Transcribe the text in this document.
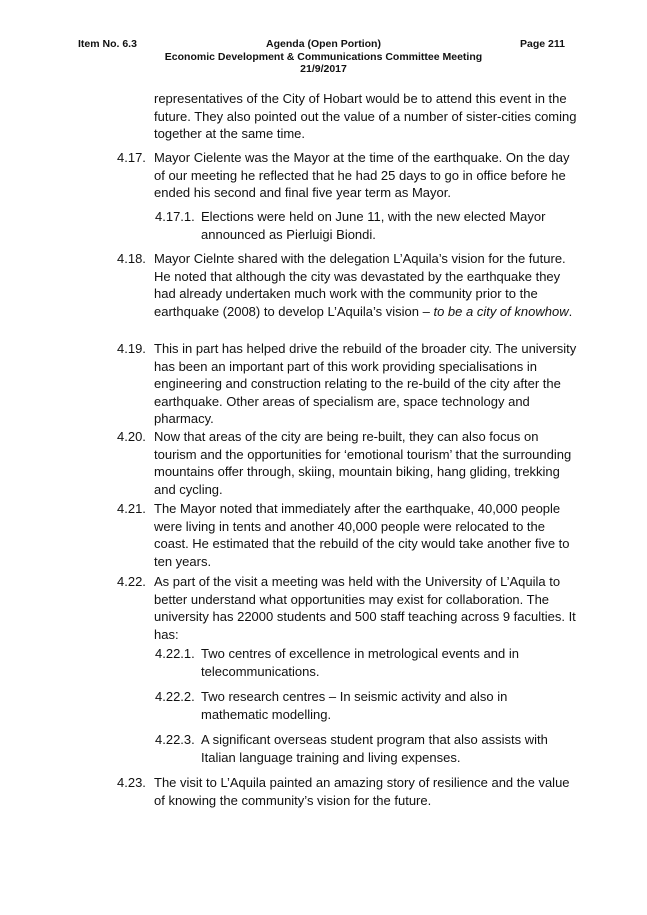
Item No. 6.3	Agenda (Open Portion)
Economic Development & Communications Committee Meeting
21/9/2017
Page 211
representatives of the City of Hobart would be to attend this event in the future. They also pointed out the value of a number of sister-cities coming together at the same time.
4.17. Mayor Cielente was the Mayor at the time of the earthquake. On the day of our meeting he reflected that he had 25 days to go in office before he ended his second and final five year term as Mayor.
4.17.1. Elections were held on June 11, with the new elected Mayor announced as Pierluigi Biondi.
4.18. Mayor Cielnte shared with the delegation L’Aquila’s vision for the future. He noted that although the city was devastated by the earthquake they had already undertaken much work with the community prior to the earthquake (2008) to develop L’Aquila’s vision – to be a city of knowhow.
4.19. This in part has helped drive the rebuild of the broader city. The university has been an important part of this work providing specialisations in engineering and construction relating to the re-build of the city after the earthquake. Other areas of specialism are, space technology and pharmacy.
4.20. Now that areas of the city are being re-built, they can also focus on tourism and the opportunities for ‘emotional tourism’ that the surrounding mountains offer through, skiing, mountain biking, hang gliding, trekking and cycling.
4.21. The Mayor noted that immediately after the earthquake, 40,000 people were living in tents and another 40,000 people were relocated to the coast. He estimated that the rebuild of the city would take another five to ten years.
4.22. As part of the visit a meeting was held with the University of L’Aquila to better understand what opportunities may exist for collaboration. The university has 22000 students and 500 staff teaching across 9 faculties. It has:
4.22.1. Two centres of excellence in metrological events and in telecommunications.
4.22.2. Two research centres – In seismic activity and also in mathematic modelling.
4.22.3. A significant overseas student program that also assists with Italian language training and living expenses.
4.23. The visit to L’Aquila painted an amazing story of resilience and the value of knowing the community’s vision for the future.
